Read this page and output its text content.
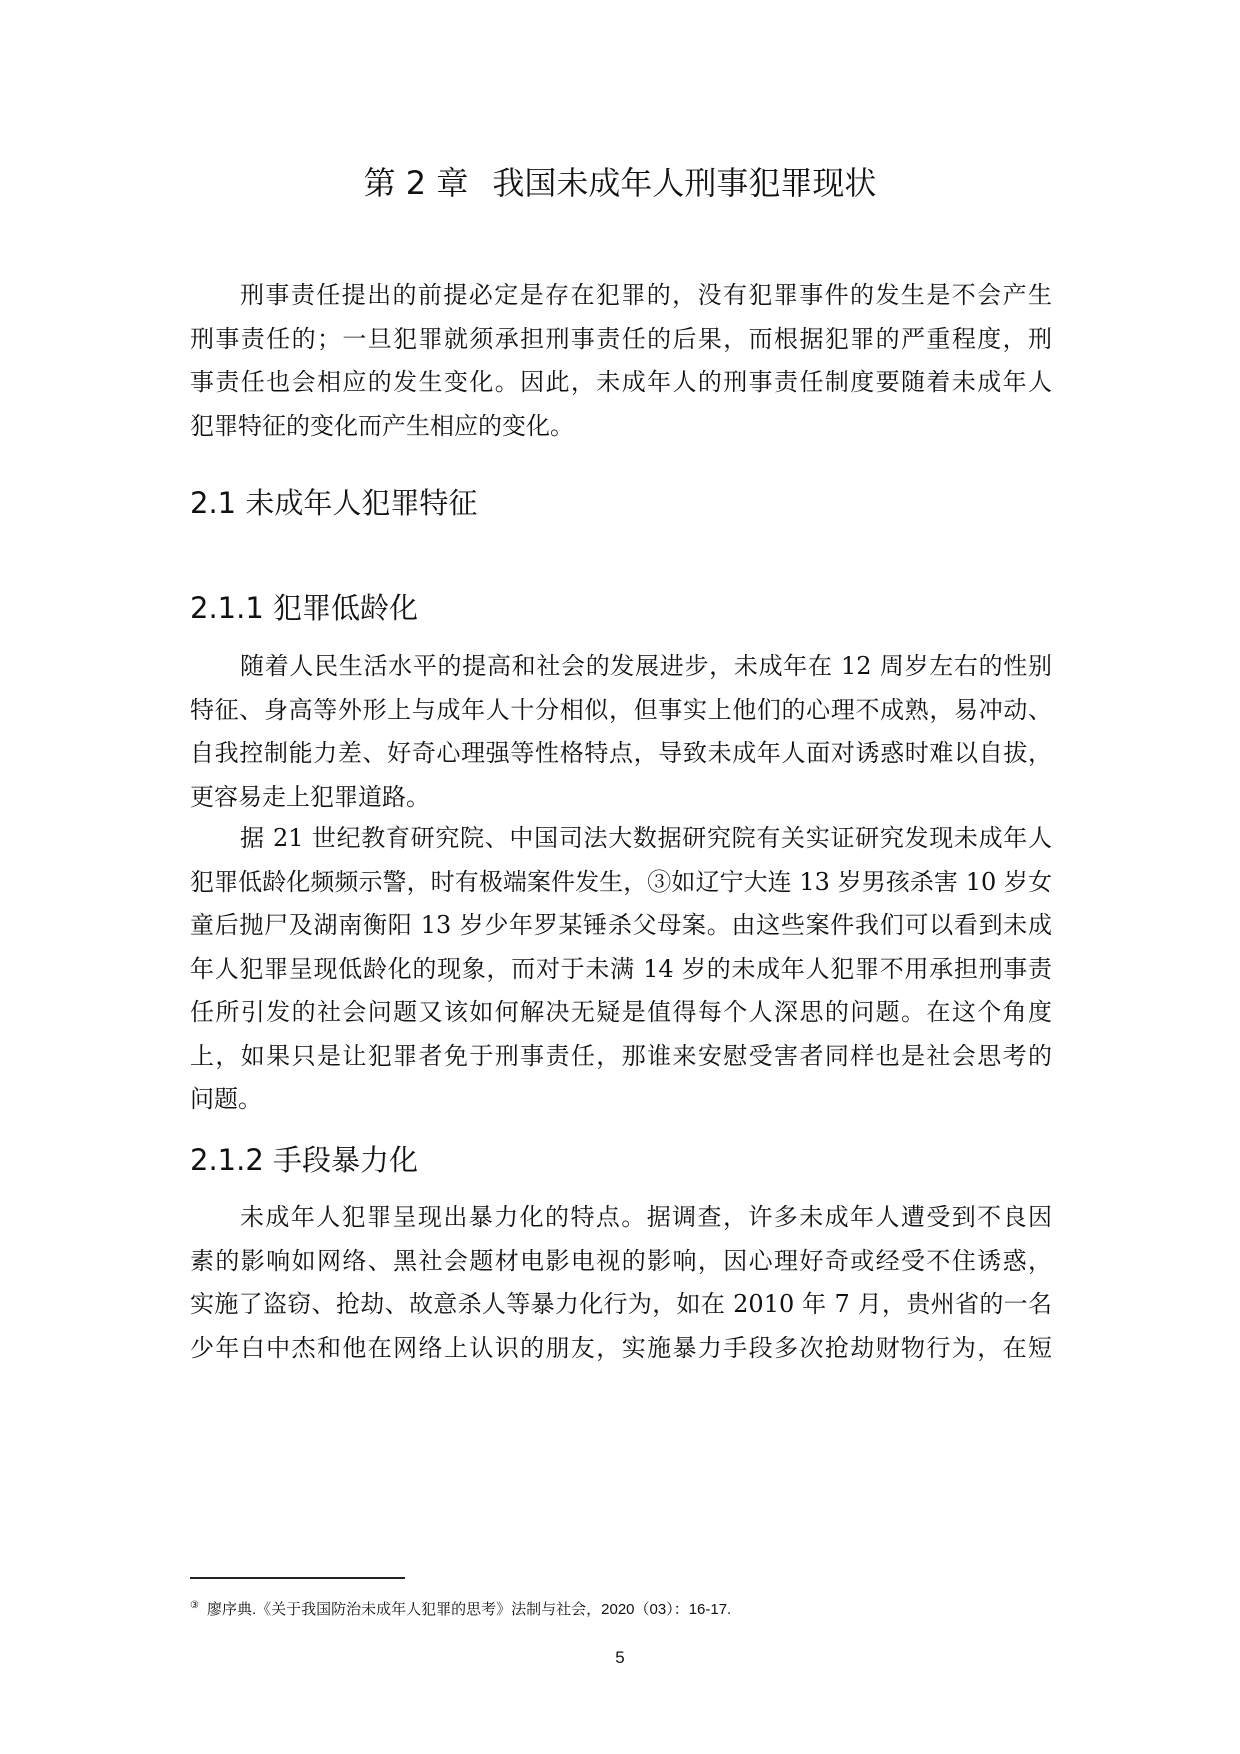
第 2 章 我国未成年人刑事犯罪现状
刑事责任提出的前提必定是存在犯罪的，没有犯罪事件的发生是不会产生
刑事责任的；一旦犯罪就须承担刑事责任的后果，而根据犯罪的严重程度，刑
事责任也会相应的发生变化。因此，未成年人的刑事责任制度要随着未成年人
犯罪特征的变化而产生相应的变化。
2.1 未成年人犯罪特征
2.1.1 犯罪低龄化
随着人民生活水平的提高和社会的发展进步，未成年在 12 周岁左右的性别
特征、身高等外形上与成年人十分相似，但事实上他们的心理不成熟，易冲动、
自我控制能力差、好奇心理强等性格特点，导致未成年人面对诱惑时难以自拔，
更容易走上犯罪道路。
据 21 世纪教育研究院、中国司法大数据研究院有关实证研究发现未成年人
犯罪低龄化频频示警，时有极端案件发生，③如辽宁大连 13 岁男孩杀害 10 岁女
童后抛尸及湖南衡阳 13 岁少年罗某锤杀父母案。由这些案件我们可以看到未成
年人犯罪呈现低龄化的现象，而对于未满 14 岁的未成年人犯罪不用承担刑事责
任所引发的社会问题又该如何解决无疑是值得每个人深思的问题。在这个角度
上，如果只是让犯罪者免于刑事责任，那谁来安慰受害者同样也是社会思考的
问题。
2.1.2 手段暴力化
未成年人犯罪呈现出暴力化的特点。据调查，许多未成年人遭受到不良因
素的影响如网络、黑社会题材电影电视的影响，因心理好奇或经受不住诱惑，
实施了盗窃、抢劫、故意杀人等暴力化行为，如在 2010 年 7 月，贵州省的一名
少年白中杰和他在网络上认识的朋友，实施暴力手段多次抢劫财物行为，在短
③ 廖序典.《关于我国防治未成年人犯罪的思考》法制与社会，2020（03）：16-17.
5
